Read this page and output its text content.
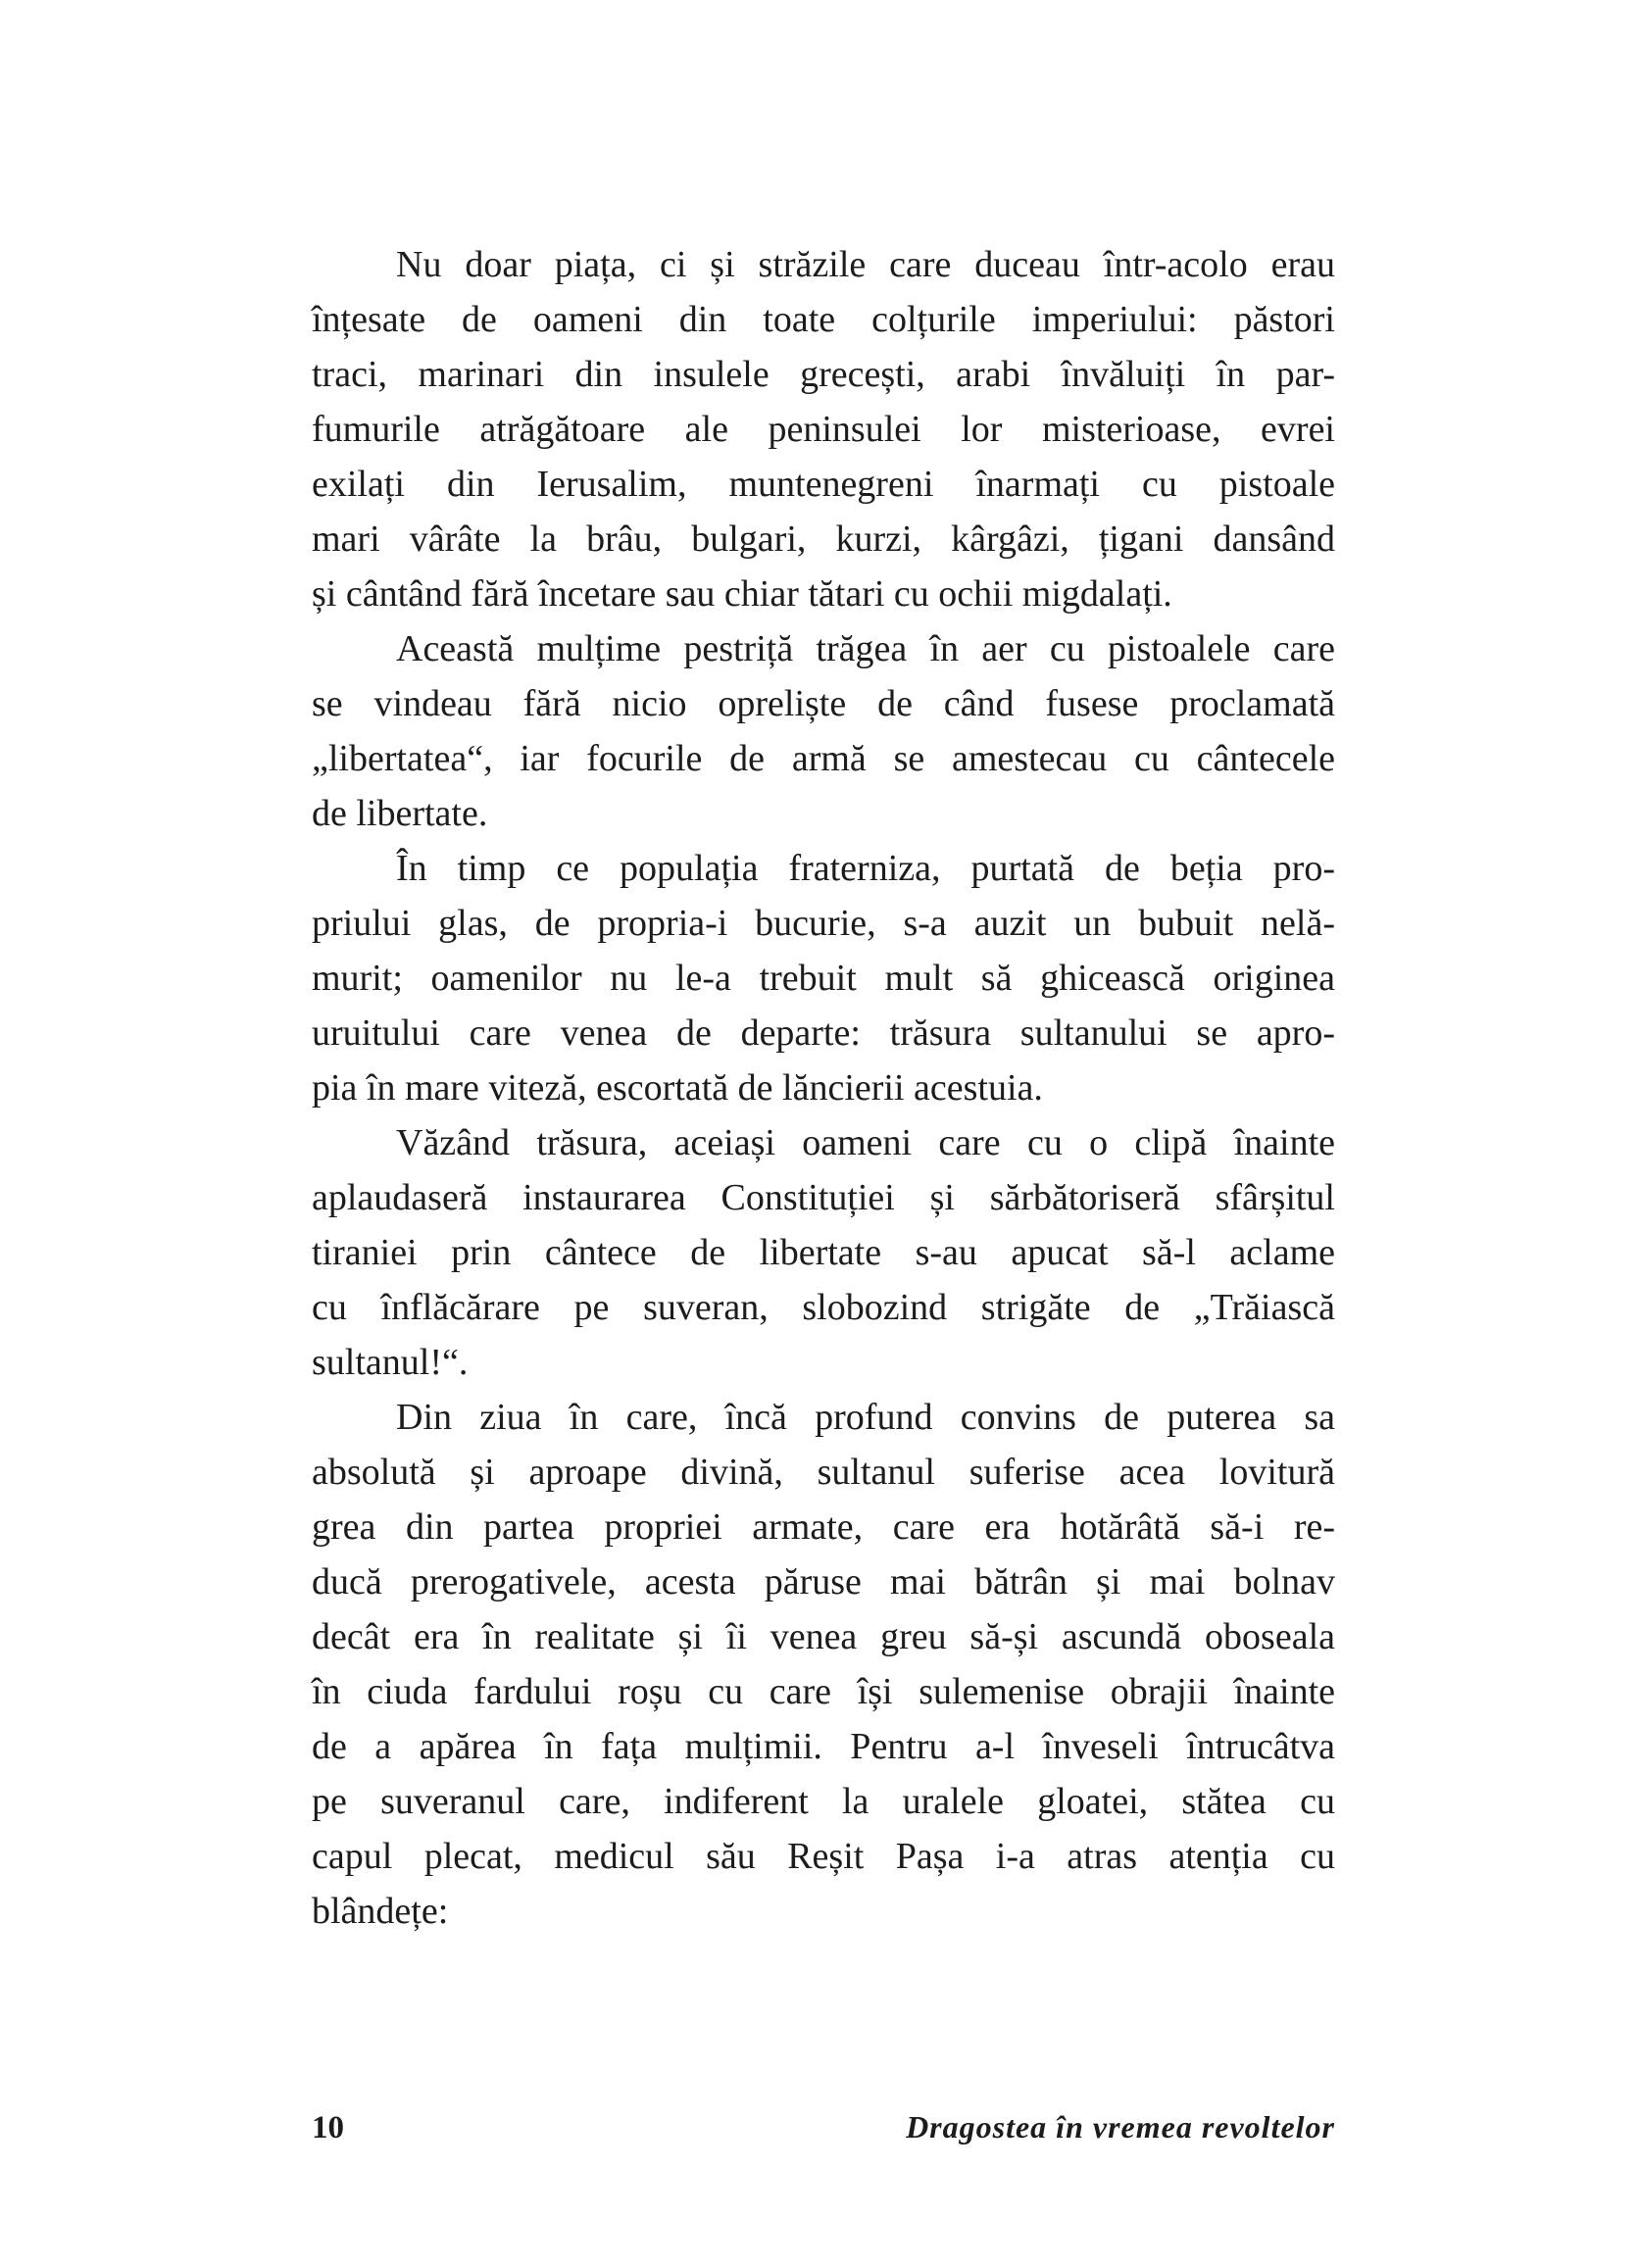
Nu doar piața, ci și străzile care duceau într-acolo erau
înțesate de oameni din toate colțurile imperiului: păstori
traci, marinari din insulele grecești, arabi învăluiți în par-
fumurile atrăgătoare ale peninsulei lor misterioase, evrei
exilați din Ierusalim, muntenegreni înarmați cu pistoale
mari vârâte la brâu, bulgari, kurzi, kârgâzi, țigani dansând
și cântând fără încetare sau chiar tătari cu ochii migdalați.
Această mulțime pestriță trăgea în aer cu pistoalele care
se vindeau fără nicio opreliște de când fusese proclamată
„libertatea“, iar focurile de armă se amestecau cu cântecele
de libertate.
În timp ce populația fraterniza, purtată de beția pro-
priului glas, de propria-i bucurie, s-a auzit un bubuit nelă-
murit; oamenilor nu le-a trebuit mult să ghicească originea
uruitului care venea de departe: trăsura sultanului se apro-
pia în mare viteză, escortată de lăncierii acestuia.
Văzând trăsura, aceiași oameni care cu o clipă înainte
aplaudaseră instaurarea Constituției și sărbătoriseră sfârșitul
tiraniei prin cântece de libertate s-au apucat să-l aclame
cu înflăcărare pe suveran, slobozind strigăte de „Trăiască
sultanul!“.
Din ziua în care, încă profund convins de puterea sa
absolută și aproape divină, sultanul suferise acea lovitură
grea din partea propriei armate, care era hotărâtă să-i re-
ducă prerogativele, acesta păruse mai bătrân și mai bolnav
decât era în realitate și îi venea greu să-și ascundă oboseala
în ciuda fardului roșu cu care își sulemenise obrajii înainte
de a apărea în fața mulțimii. Pentru a-l înveseli întrucâtva
pe suveranul care, indiferent la uralele gloatei, stătea cu
capul plecat, medicul său Reșit Pașa i-a atras atenția cu
blândețe:
10	Dragostea în vremea revoltelor
